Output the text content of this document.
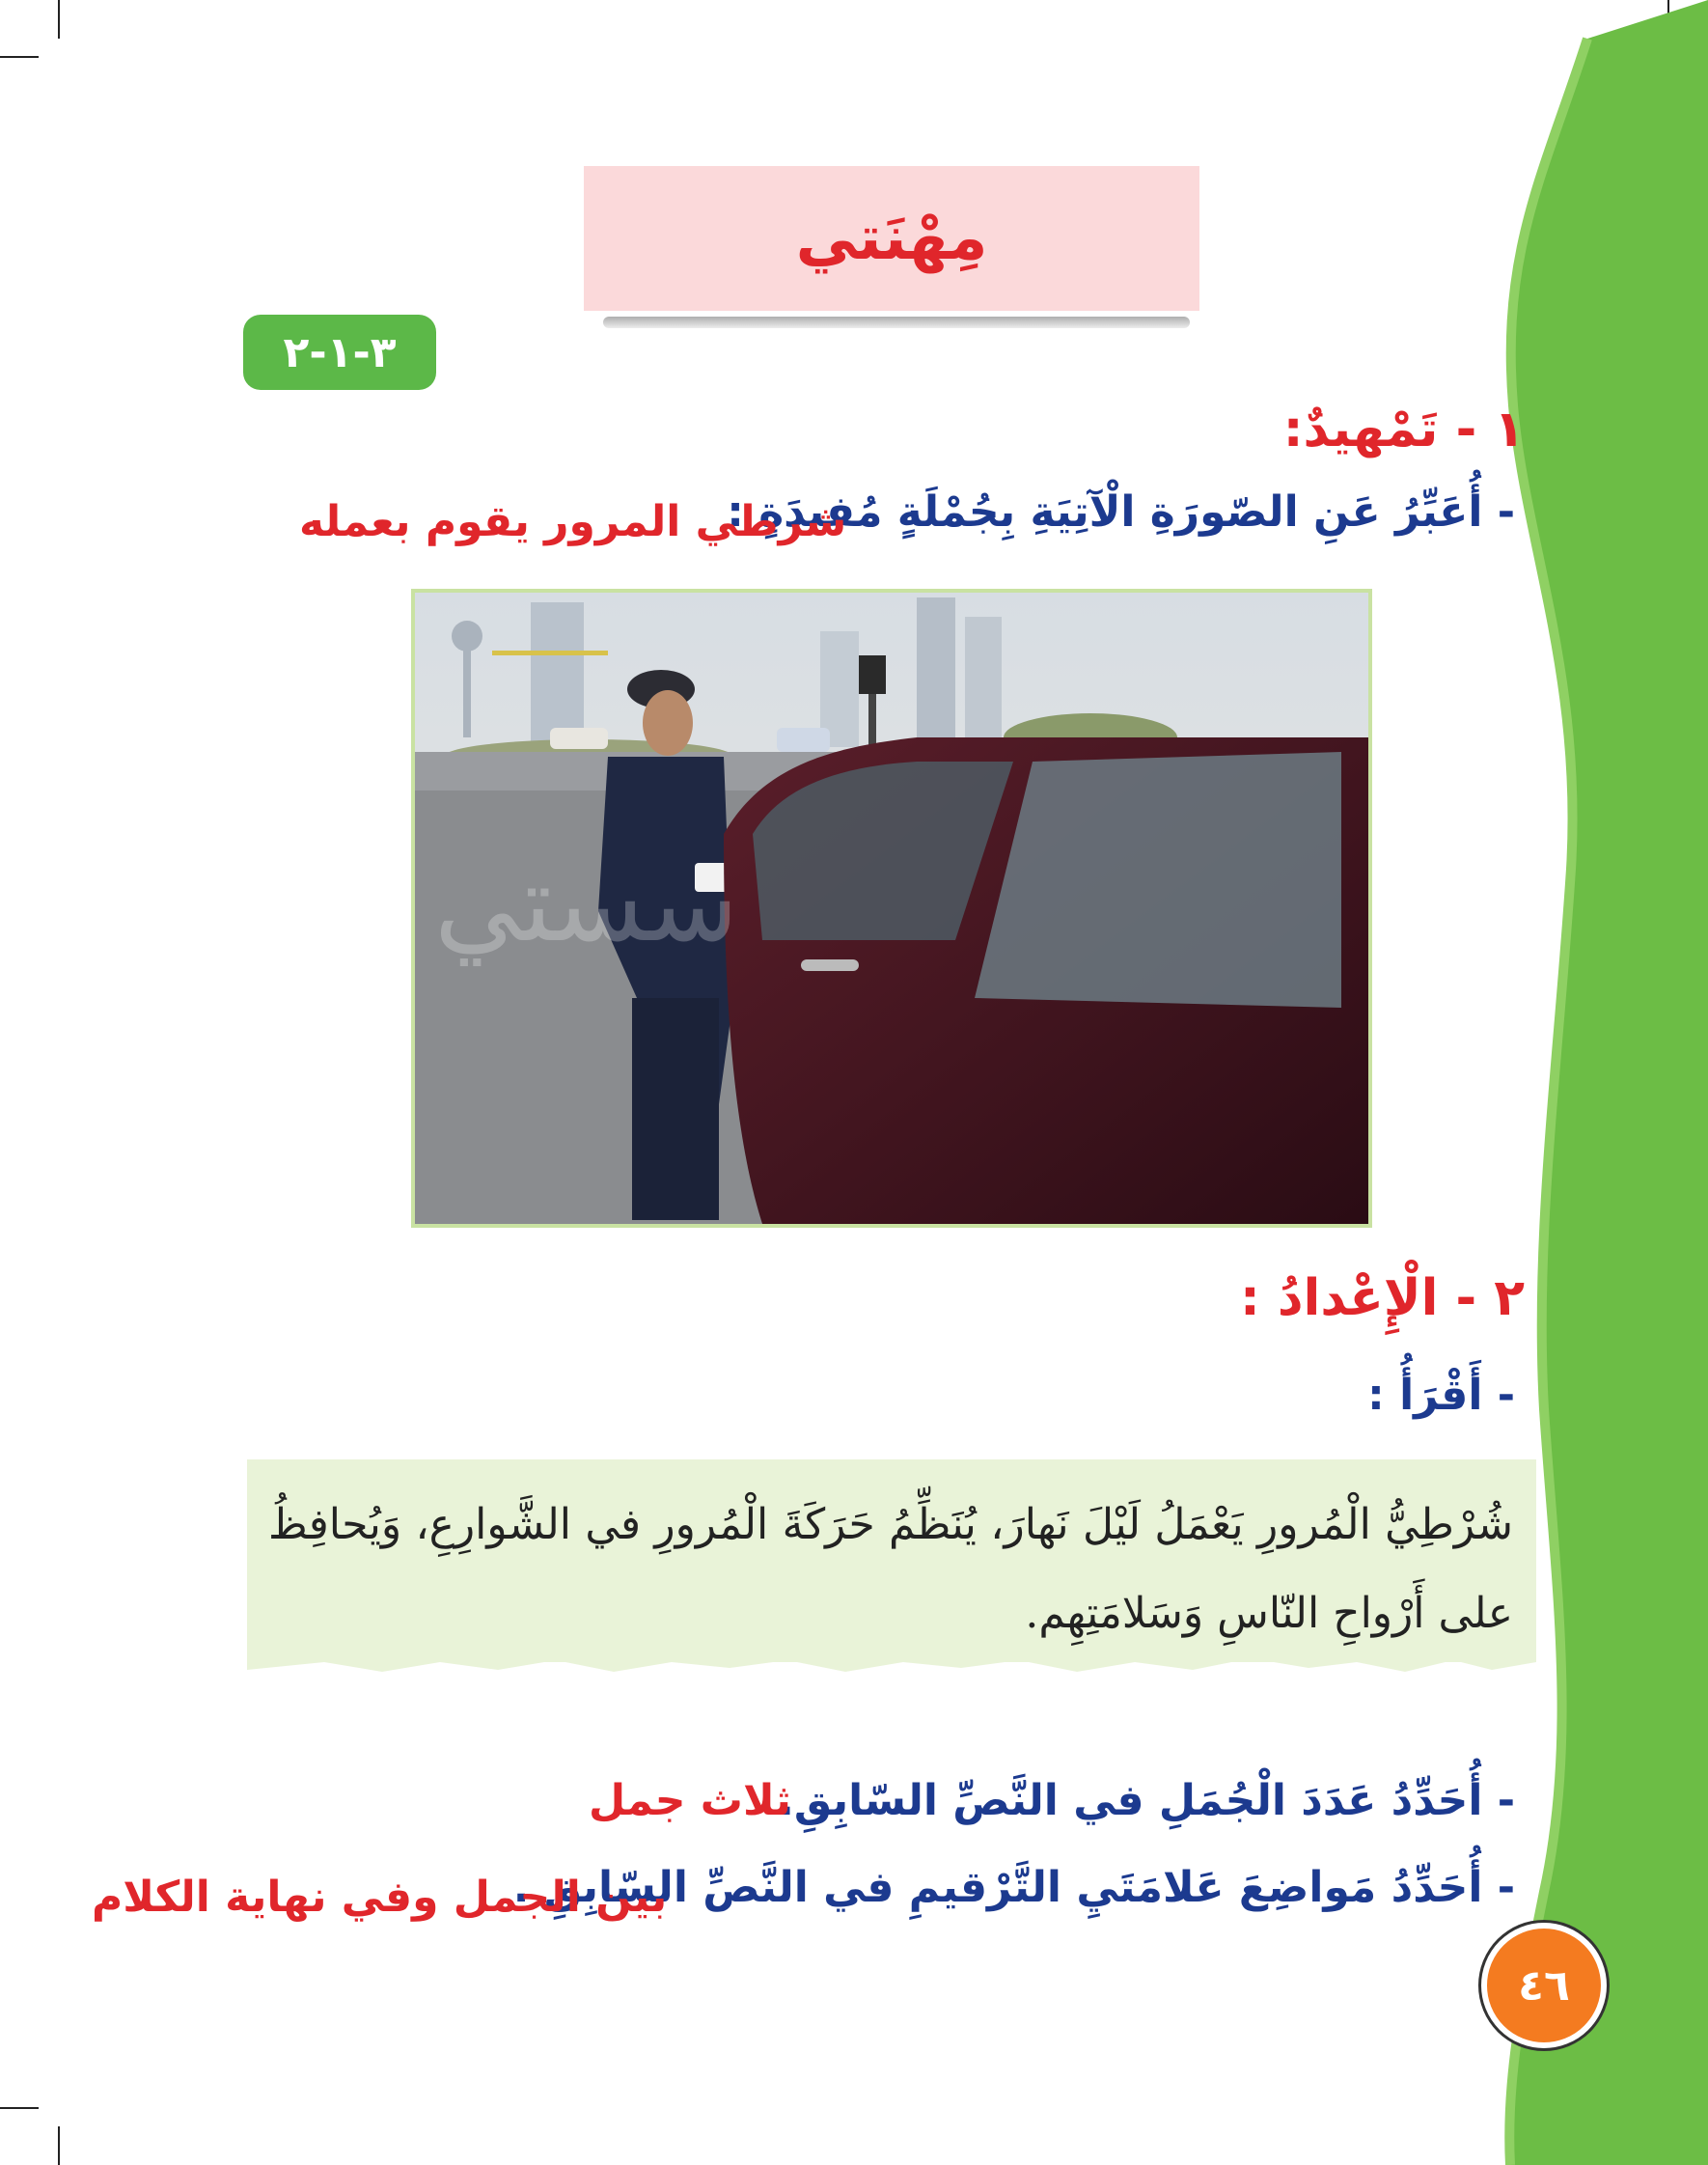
مِهْنَتي
٣-١-٢
١ - تَمْهيدٌ:
- أُعَبِّرُ عَنِ الصّورَةِ الْآتِيَةِ بِجُمْلَةٍ مُفيدَةٍ :
شرطي المرور يقوم بعمله
سستي
٢ - الْإِعْدادُ :
- أَقْرَأُ :
شُرْطِيُّ الْمُرورِ يَعْمَلُ لَيْلَ نَهارَ، يُنَظِّمُ حَرَكَةَ الْمُرورِ في الشَّوارِعِ، وَيُحافِظُ على أَرْواحِ النّاسِ وَسَلامَتِهِم.
- أُحَدِّدُ عَدَدَ الْجُمَلِ في النَّصِّ السّابِقِ.
ثلاث جمل
- أُحَدِّدُ مَواضِعَ عَلامَتَيِ التَّرْقيمِ في النَّصِّ السّابِقِ .
بين الجمل وفي نهاية الكلام
٤٦
